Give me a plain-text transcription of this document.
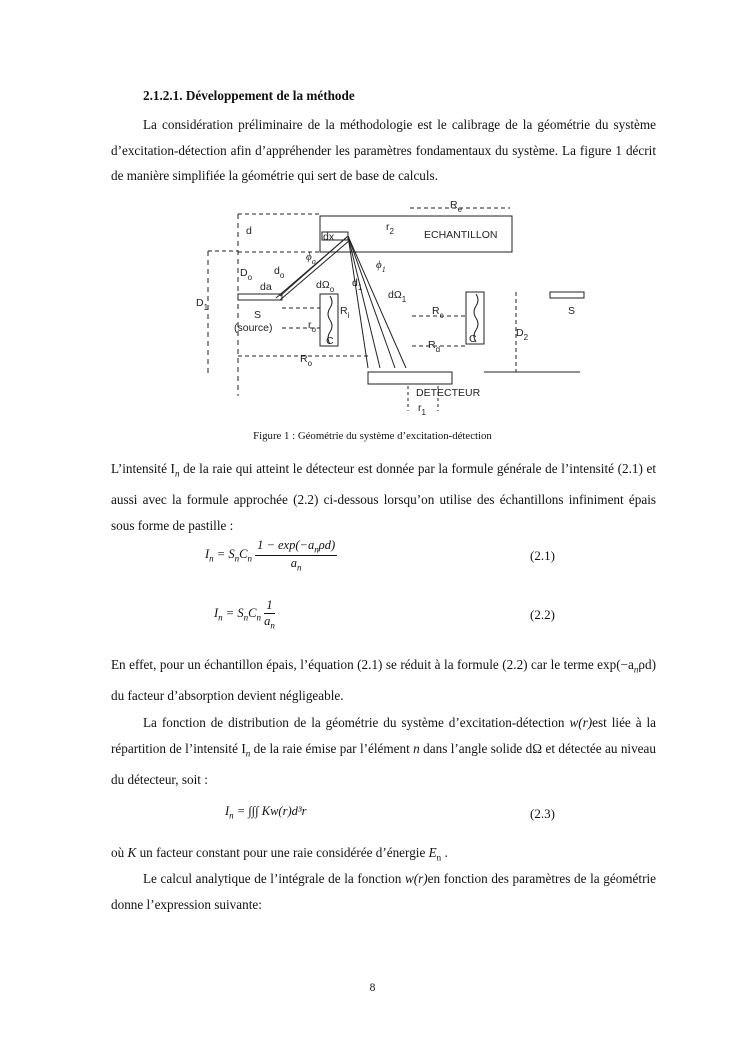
2.1.2.1. Développement de la méthode
La considération préliminaire de la méthodologie est le calibrage de la géométrie du système d’excitation-détection afin d’appréhender les paramètres fondamentaux du système. La figure 1 décrit de manière simplifiée la géométrie qui sert de base de calculs.
d	dx
$r_2$	ECHANTILLON
$R_e$
$\phi_o$	$\phi_1$
$D_o$
$d_o$
$d\Omega_o$
$d_1$
$d\Omega_1$
da
$D_1$
S
(source)
$R_i$	$R_c$
$r_o$
C	C
$R_d$
$D_2$
S
$R_o$
DETECTEUR
$r_1$
Figure 1 : Géométrie du système d’excitation-détection
L’intensité $I_n$ de la raie qui atteint le détecteur est donnée par la formule générale de l’intensité (2.1) et aussi avec la formule approchée (2.2) ci-dessous lorsqu’on utilise des échantillons infiniment épais sous forme de pastille :
$I_n = S_nC_n \frac{1 - \exp(-a_n\rho d)}{a_n}$	(2.1)
$I_n = S_nC_n \frac{1}{a_n}$	(2.2)
En effet, pour un échantillon épais, l’équation (2.1) se réduit à la formule (2.2) car le terme $\exp(-a_n\rho d)$ du facteur d’absorption devient négligeable.
La fonction de distribution de la géométrie du système d’excitation-détection w(r)est liée à la répartition de l’intensité $I_n$ de la raie émise par l’élément n dans l’angle solide dΩ et détectée au niveau du détecteur, soit :
$I_n$ = ∫∫∫ Kw(r)d³r⃗	(2.3)
où K un facteur constant pour une raie considérée d’énergie $E_n$ .
Le calcul analytique de l’intégrale de la fonction w(r)en fonction des paramètres de la géométrie donne l’expression suivante:
8
